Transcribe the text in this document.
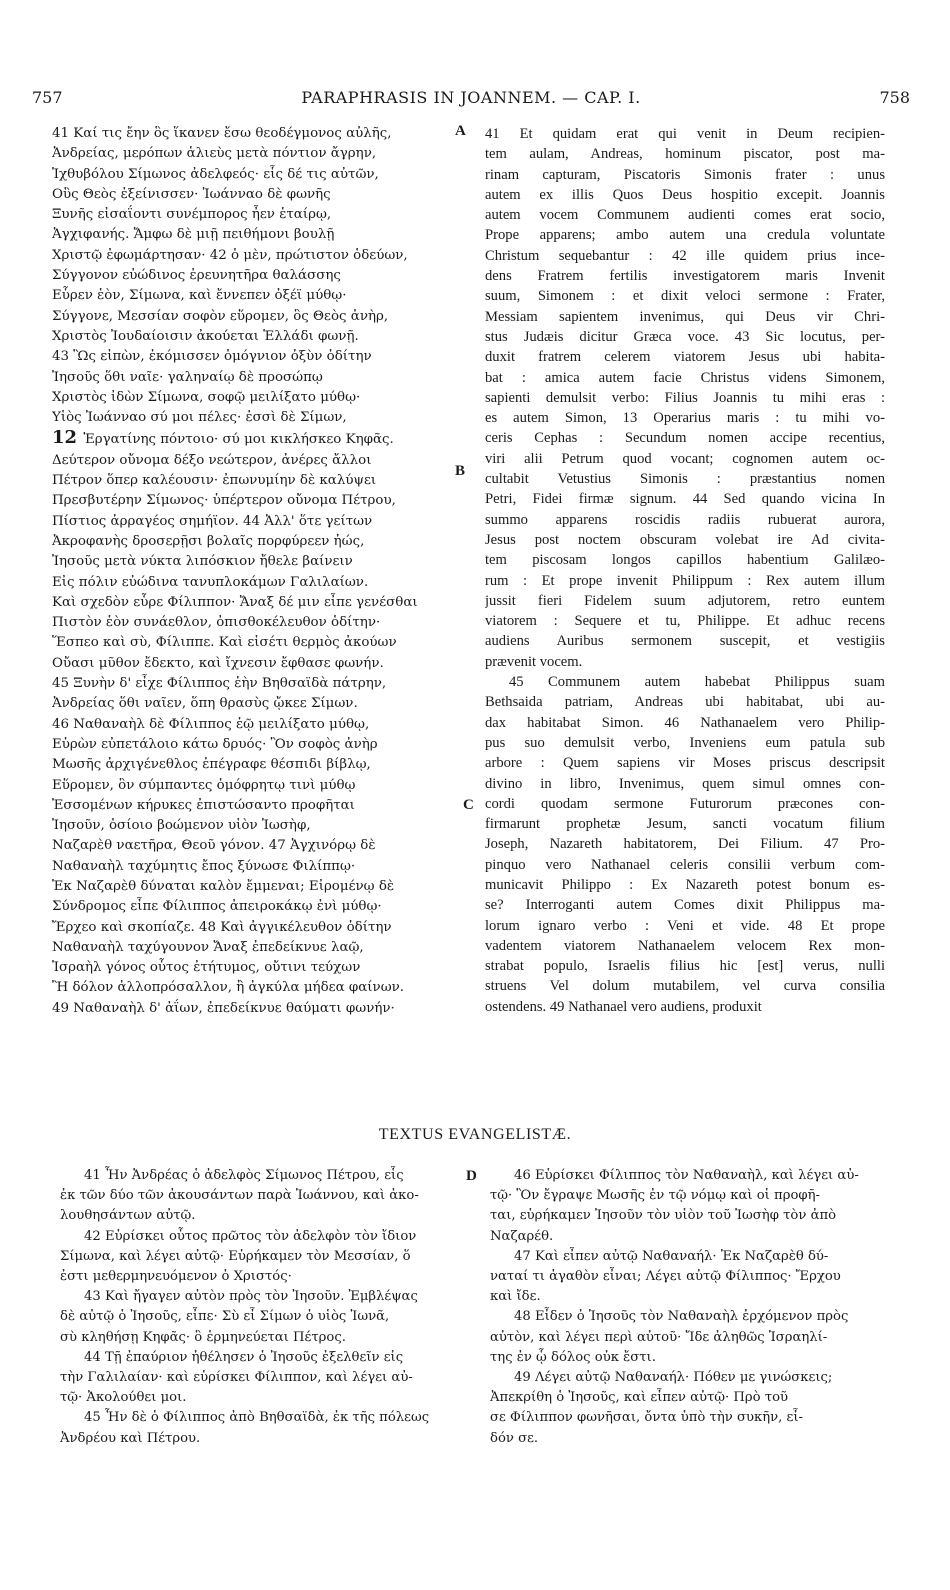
757	PARAPHRASIS IN JOANNEM. — CAP. I.	758
A
B
C
D
41 Καί τις ἔην ὃς ἵκανεν ἔσω θεοδέγμονος αὐλῆς,
Ἀνδρείας, μερόπων ἁλιεὺς μετὰ πόντιον ἄγρην,
Ἰχθυβόλου Σίμωνος ἀδελφεός· εἷς δέ τις αὐτῶν,
Οὓς Θεὸς ἐξείνισσεν· Ἰωάνναο δὲ φωνῆς
Ξυνῆς εἰσαΐοντι συνέμπορος ἦεν ἑταίρῳ,
Ἀγχιφανής. Ἄμφω δὲ μιῇ πειθήμονι βουλῇ
Χριστῷ ἐφωμάρτησαν· 42 ὁ μὲν, πρώτιστον ὁδεύων,
Σύγγονον εὐώδινος ἐρευνητῆρα θαλάσσης
Εὗρεν ἑὸν, Σίμωνα, καὶ ἔννεπεν ὀξέϊ μύθῳ·
Σύγγονε, Μεσσίαν σοφὸν εὕρομεν, ὃς Θεὸς ἀνὴρ,
Χριστὸς Ἰουδαίοισιν ἀκούεται Ἑλλάδι φωνῇ.
43 Ὣς εἰπὼν, ἐκόμισσεν ὁμόγνιον ὀξὺν ὁδίτην
Ἰησοῦς ὅθι ναῖε· γαληναίῳ δὲ προσώπῳ
Χριστὸς ἰδὼν Σίμωνα, σοφῷ μειλίξατο μύθῳ·
Υἱὸς Ἰωάνναο σύ μοι πέλες· ἐσσὶ δὲ Σίμων,
12 Ἐργατίνης πόντοιο· σύ μοι κικλήσκεο Κηφᾶς.
Δεύτερον οὔνομα δέξο νεώτερον, ἀνέρες ἄλλοι
Πέτρον ὅπερ καλέουσιν· ἐπωνυμίην δὲ καλύψει
Πρεσβυτέρην Σίμωνος· ὑπέρτερον οὔνομα Πέτρου,
Πίστιος ἀρραγέος σημήϊον. 44 Ἀλλ' ὅτε γείτων
Ἀκροφανὴς δροσερῇσι βολαῖς πορφύρεεν ἠώς,
Ἰησοῦς μετὰ νύκτα λιπόσκιον ἤθελε βαίνειν
Εἰς πόλιν εὐώδινα τανυπλοκάμων Γαλιλαίων.
Καὶ σχεδὸν εὗρε Φίλιππον· Ἄναξ δέ μιν εἶπε γενέσθαι
Πιστὸν ἑὸν συνάεθλον, ὀπισθοκέλευθον ὁδίτην·
Ἕσπεο καὶ σὺ, Φίλιππε. Καὶ εἰσέτι θερμὸς ἀκούων
Οὔασι μῦθον ἔδεκτο, καὶ ἴχνεσιν ἔφθασε φωνήν.
45 Ξυνὴν δ' εἶχε Φίλιππος ἑὴν Βηθσαϊδὰ πάτρην,
Ἀνδρείας ὅθι ναῖεν, ὅπη θρασὺς ᾤκεε Σίμων.
46 Ναθαναὴλ δὲ Φίλιππος ἑῷ μειλίξατο μύθῳ,
Εὑρὼν εὐπετάλοιο κάτω δρυός· Ὃν σοφὸς ἀνὴρ
Μωσῆς ἀρχιγένεθλος ἐπέγραφε θέσπιδι βίβλῳ,
Εὕρομεν, ὃν σύμπαντες ὁμόφρητῳ τινὶ μύθῳ
Ἐσσομένων κήρυκες ἐπιστώσαντο προφῆται
Ἰησοῦν, ὁσίοιο βοώμενον υἱὸν Ἰωσὴφ,
Ναζαρὲθ ναετῆρα, Θεοῦ γόνον. 47 Ἀγχινόρῳ δὲ
Ναθαναὴλ ταχύμητις ἔπος ξύνωσε Φιλίππῳ·
Ἐκ Ναζαρὲθ δύναται καλὸν ἔμμεναι; Εἰρομένῳ δὲ
Σύνδρομος εἶπε Φίλιππος ἀπειροκάκῳ ἐνὶ μύθῳ·
Ἔρχεο καὶ σκοπίαζε. 48 Καὶ ἀγγικέλευθον ὁδίτην
Ναθαναὴλ ταχύγουνον Ἄναξ ἐπεδείκνυε λαῷ,
Ἰσραὴλ γόνος οὗτος ἐτήτυμος, οὔτινι τεύχων
Ἢ δόλον ἀλλοπρόσαλλον, ἢ ἀγκύλα μήδεα φαίνων.
49 Ναθαναὴλ δ' ἀΐων, ἐπεδείκνυε θαύματι φωνήν·
41 Et quidam erat qui venit in Deum recipien-
tem aulam, Andreas, hominum piscator, post ma-
rinam capturam, Piscatoris Simonis frater : unus
autem ex illis Quos Deus hospitio excepit. Joannis
autem vocem Communem audienti comes erat socio,
Prope apparens; ambo autem una credula voluntate
Christum sequebantur : 42 ille quidem prius ince-
dens Fratrem fertilis investigatorem maris Invenit
suum, Simonem : et dixit veloci sermone : Frater,
Messiam sapientem invenimus, qui Deus vir Chri-
stus Judæis dicitur Græca voce. 43 Sic locutus, per-
duxit fratrem celerem viatorem Jesus ubi habita-
bat : amica autem facie Christus videns Simonem,
sapienti demulsit verbo: Filius Joannis tu mihi eras :
es autem Simon, 13 Operarius maris : tu mihi vo-
ceris Cephas : Secundum nomen accipe recentius,
viri alii Petrum quod vocant; cognomen autem oc-
cultabit Vetustius Simonis : præstantius nomen
Petri, Fidei firmæ signum. 44 Sed quando vicina In
summo apparens roscidis radiis rubuerat aurora,
Jesus post noctem obscuram volebat ire Ad civita-
tem piscosam longos capillos habentium Galilæo-
rum : Et prope invenit Philippum : Rex autem illum
jussit fieri Fidelem suum adjutorem, retro euntem
viatorem : Sequere et tu, Philippe. Et adhuc recens
audiens Auribus sermonem suscepit, et vestigiis
prævenit vocem.
45 Communem autem habebat Philippus suam
Bethsaida patriam, Andreas ubi habitabat, ubi au-
dax habitabat Simon. 46 Nathanaelem vero Philip-
pus suo demulsit verbo, Inveniens eum patula sub
arbore : Quem sapiens vir Moses priscus descripsit
divino in libro, Invenimus, quem simul omnes con-
cordi quodam sermone Futurorum præcones con-
firmarunt prophetæ Jesum, sancti vocatum filium
Joseph, Nazareth habitatorem, Dei Filium. 47 Pro-
pinquo vero Nathanael celeris consilii verbum com-
municavit Philippo : Ex Nazareth potest bonum es-
se? Interroganti autem Comes dixit Philippus ma-
lorum ignaro verbo : Veni et vide. 48 Et prope
vadentem viatorem Nathanaelem velocem Rex mon-
strabat populo, Israelis filius hic [est] verus, nulli
struens Vel dolum mutabilem, vel curva consilia
ostendens. 49 Nathanael vero audiens, produxit
TEXTUS EVANGELISTÆ.
41 Ἦν Ἀνδρέας ὁ ἀδελφὸς Σίμωνος Πέτρου, εἷς
ἐκ τῶν δύο τῶν ἀκουσάντων παρὰ Ἰωάννου, καὶ ἀκο-
λουθησάντων αὐτῷ.
42 Εὑρίσκει οὗτος πρῶτος τὸν ἀδελφὸν τὸν ἴδιον
Σίμωνα, καὶ λέγει αὐτῷ· Εὑρήκαμεν τὸν Μεσσίαν, ὅ
ἐστι μεθερμηνευόμενον ὁ Χριστός·
43 Καὶ ἤγαγεν αὐτὸν πρὸς τὸν Ἰησοῦν. Ἐμβλέψας
δὲ αὐτῷ ὁ Ἰησοῦς, εἶπε· Σὺ εἶ Σίμων ὁ υἱὸς Ἰωνᾶ,
σὺ κληθήσῃ Κηφᾶς· ὃ ἑρμηνεύεται Πέτρος.
44 Τῇ ἐπαύριον ἠθέλησεν ὁ Ἰησοῦς ἐξελθεῖν εἰς
τὴν Γαλιλαίαν· καὶ εὑρίσκει Φίλιππον, καὶ λέγει αὐ-
τῷ· Ἀκολούθει μοι.
45 Ἦν δὲ ὁ Φίλιππος ἀπὸ Βηθσαϊδὰ, ἐκ τῆς πόλεως
Ἀνδρέου καὶ Πέτρου.
46 Εὑρίσκει Φίλιππος τὸν Ναθαναὴλ, καὶ λέγει αὐ-
τῷ· Ὃν ἔγραψε Μωσῆς ἐν τῷ νόμῳ καὶ οἱ προφῆ-
ται, εὑρήκαμεν Ἰησοῦν τὸν υἱὸν τοῦ Ἰωσὴφ τὸν ἀπὸ
Ναζαρέθ.
47 Καὶ εἶπεν αὐτῷ Ναθαναήλ· Ἐκ Ναζαρὲθ δύ-
ναταί τι ἀγαθὸν εἶναι; Λέγει αὐτῷ Φίλιππος· Ἔρχου
καὶ ἴδε.
48 Εἶδεν ὁ Ἰησοῦς τὸν Ναθαναὴλ ἐρχόμενον πρὸς
αὐτὸν, καὶ λέγει περὶ αὐτοῦ· Ἴδε ἀληθῶς Ἰσραηλί-
της ἐν ᾧ δόλος οὐκ ἔστι.
49 Λέγει αὐτῷ Ναθαναήλ· Πόθεν με γινώσκεις;
Ἀπεκρίθη ὁ Ἰησοῦς, καὶ εἶπεν αὐτῷ· Πρὸ τοῦ
σε Φίλιππον φωνῆσαι, ὄντα ὑπὸ τὴν συκῆν, εἶ-
δόν σε.
